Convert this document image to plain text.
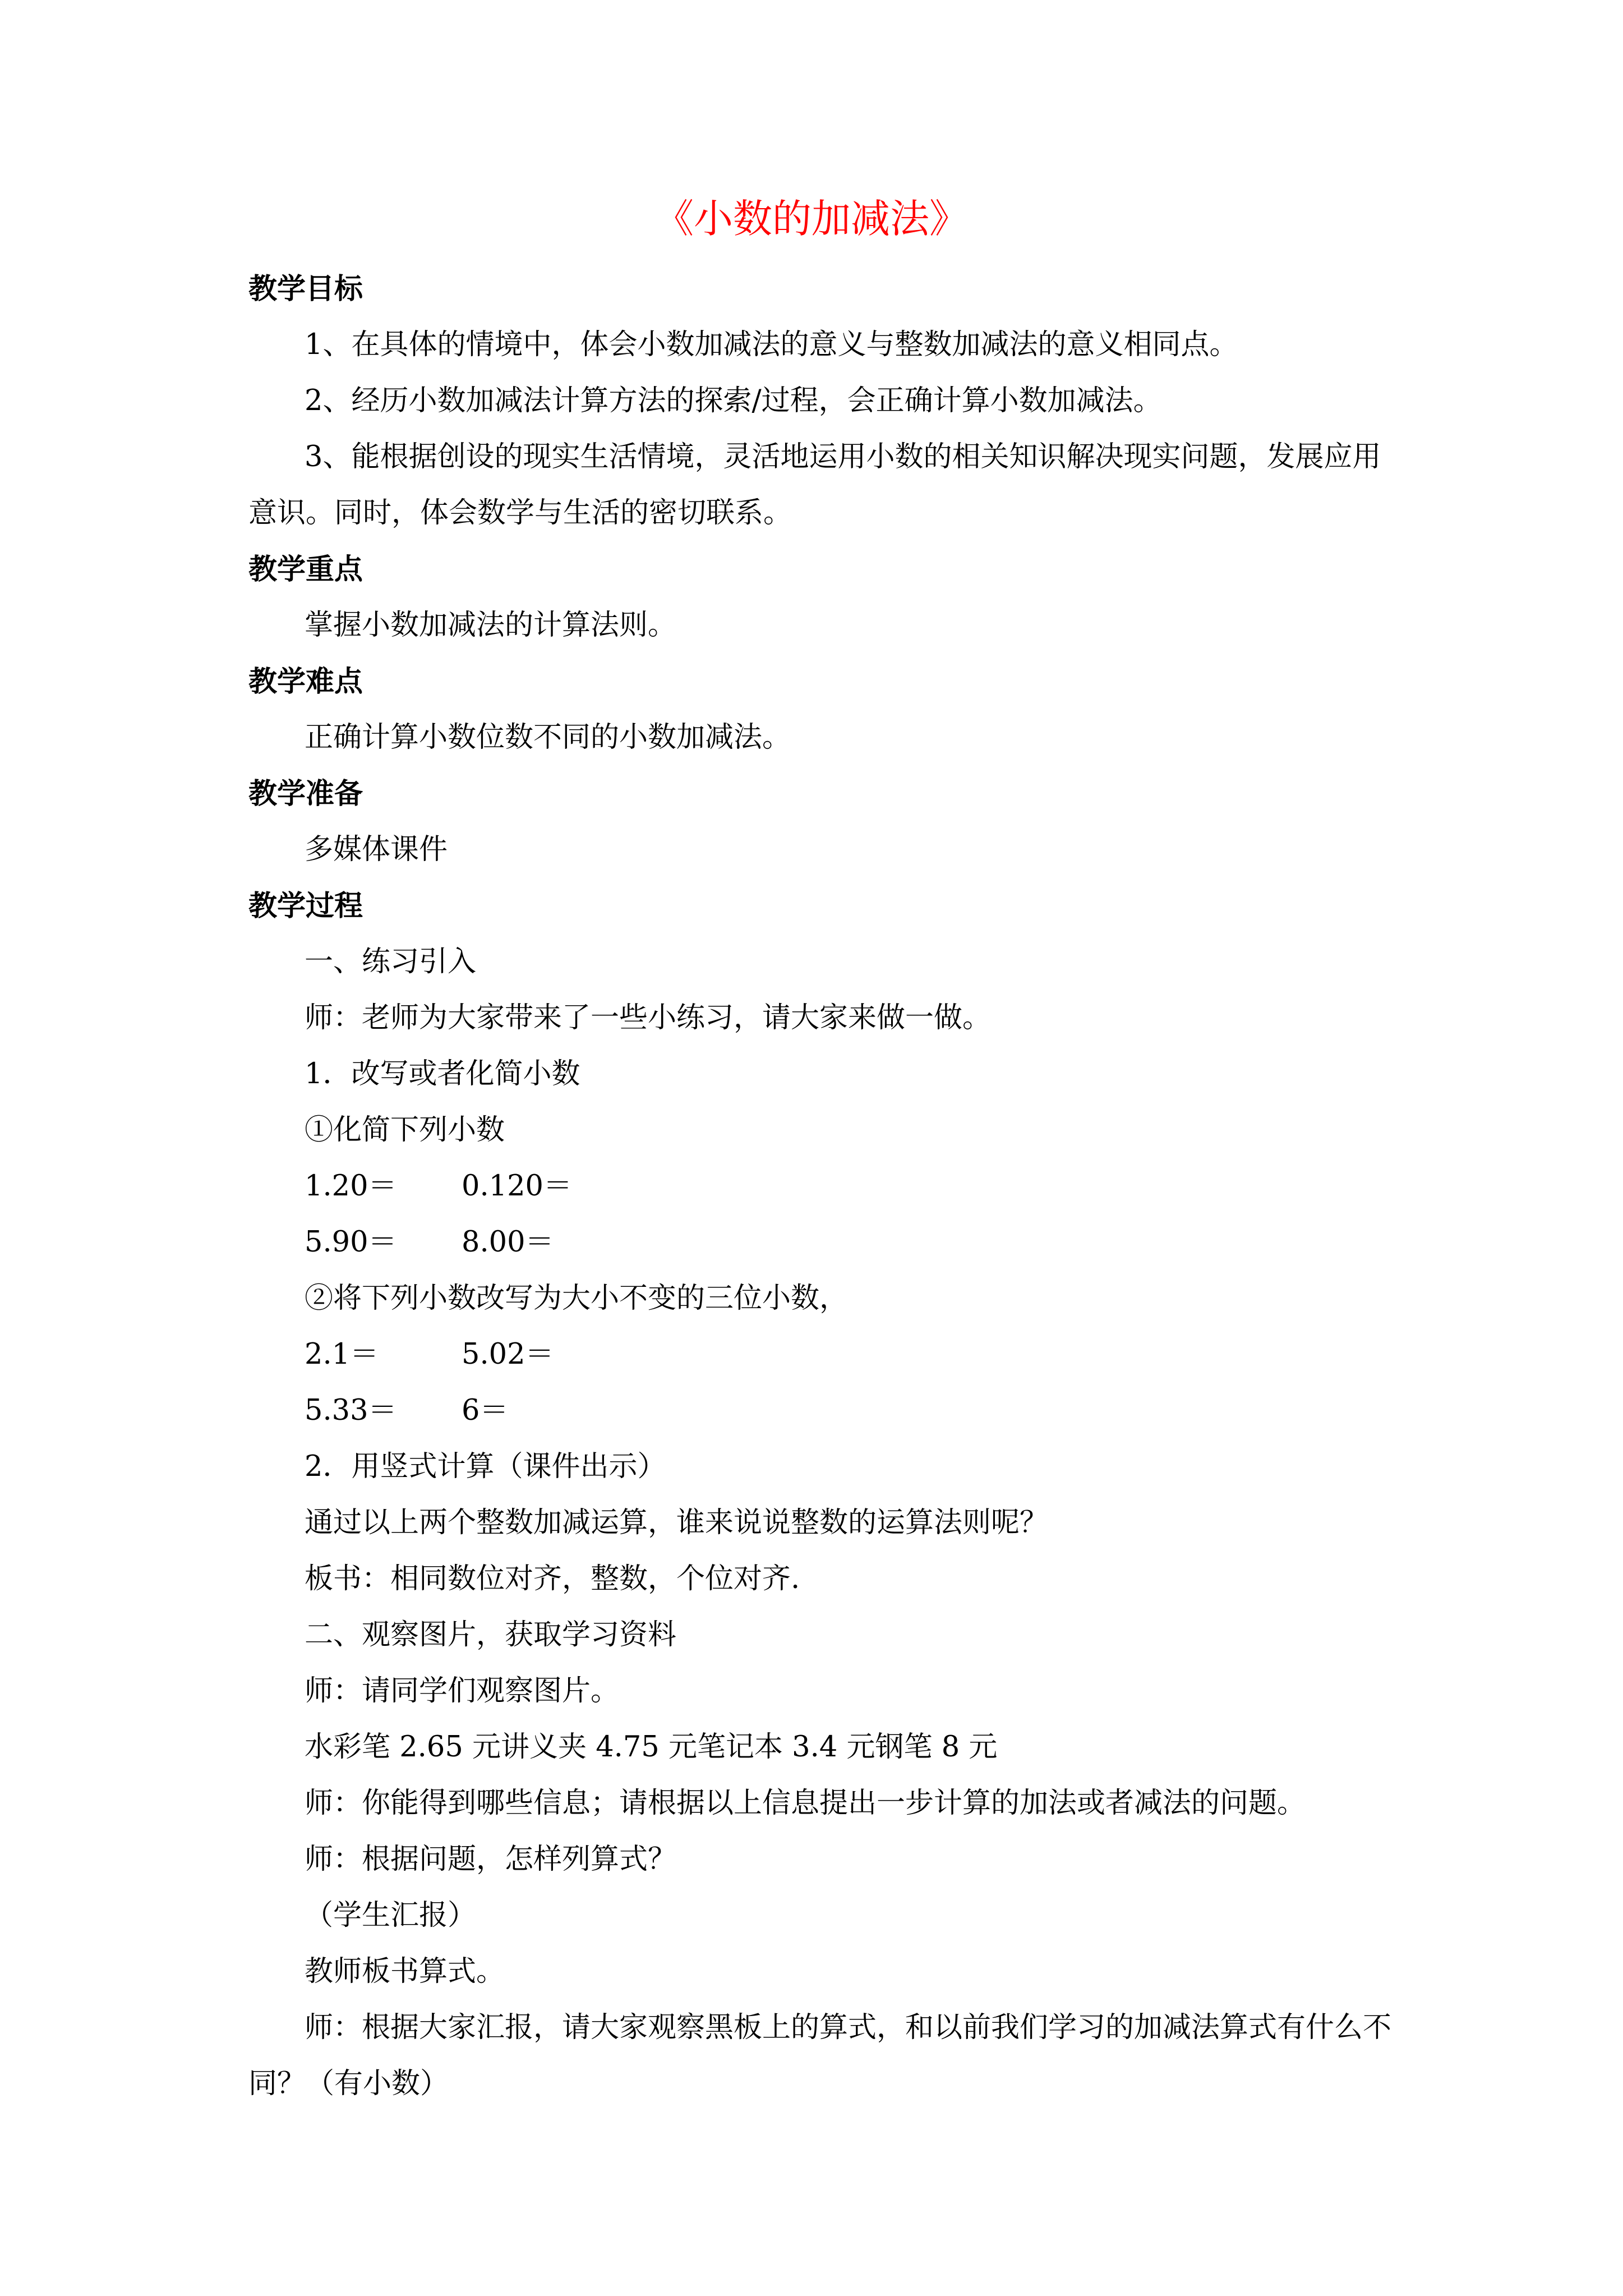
《小数的加减法》
教学目标
1、在具体的情境中，体会小数加减法的意义与整数加减法的意义相同点。
2、经历小数加减法计算方法的探索/过程，会正确计算小数加减法。
3、能根据创设的现实生活情境，灵活地运用小数的相关知识解决现实问题，发展应用
意识。同时，体会数学与生活的密切联系。
教学重点
掌握小数加减法的计算法则。
教学难点
正确计算小数位数不同的小数加减法。
教学准备
多媒体课件
教学过程
一、练习引入
师：老师为大家带来了一些小练习，请大家来做一做。
1．改写或者化简小数
①化简下列小数
1.20＝ 0.120＝
5.90＝ 8.00＝
②将下列小数改写为大小不变的三位小数，
2.1＝	5.02＝
5.33＝ 6＝
2．用竖式计算（课件出示）
通过以上两个整数加减运算，谁来说说整数的运算法则呢？
板书：相同数位对齐，整数，个位对齐.
二、观察图片，获取学习资料
师：请同学们观察图片。
水彩笔 2.65 元讲义夹 4.75 元笔记本 3.4 元钢笔 8 元
师：你能得到哪些信息；请根据以上信息提出一步计算的加法或者减法的问题。
师：根据问题，怎样列算式？
（学生汇报）
教师板书算式。
师：根据大家汇报，请大家观察黑板上的算式，和以前我们学习的加减法算式有什么不
同？（有小数）
